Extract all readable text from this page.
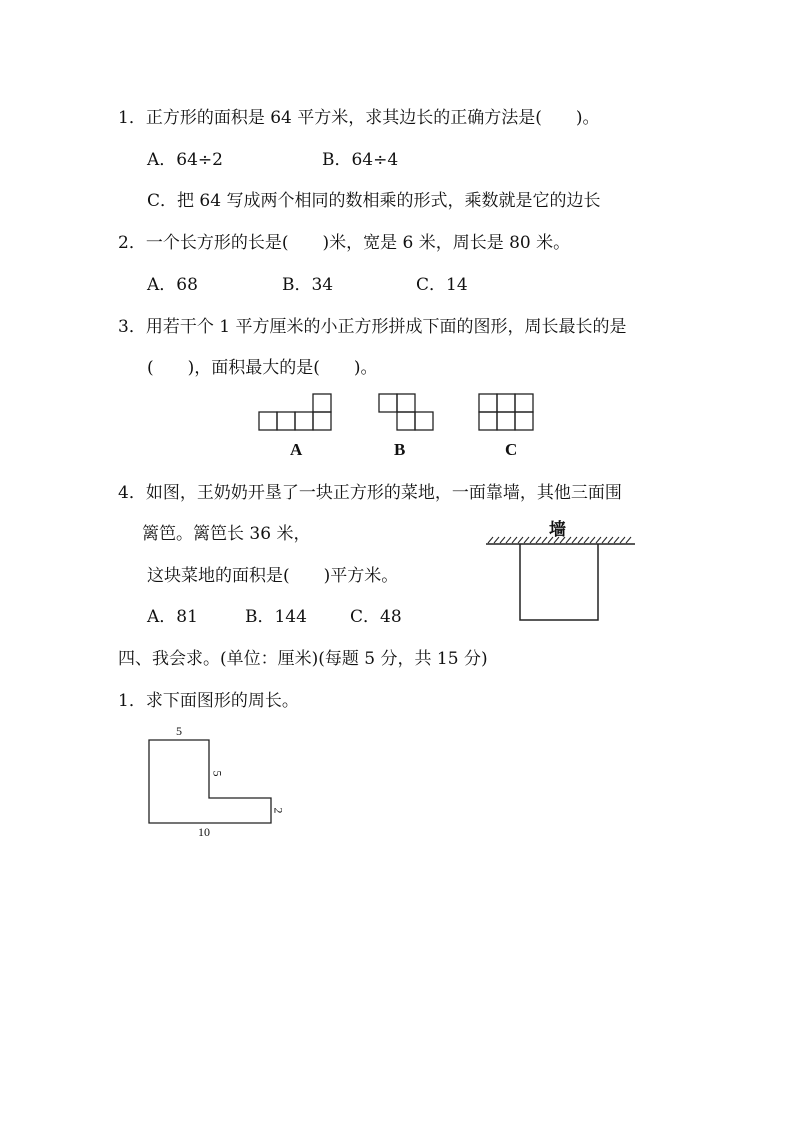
1．正方形的面积是 64 平方米，求其边长的正确方法是(　　)。
A．64÷2	B．64÷4
C．把 64 写成两个相同的数相乘的形式，乘数就是它的边长
2．一个长方形的长是(　　)米，宽是 6 米，周长是 80 米。
A．68	B．34	C．14
3．用若干个 1 平方厘米的小正方形拼成下面的图形，周长最长的是
(　　)，面积最大的是(　　)。
A	B	C
4．如图，王奶奶开垦了一块正方形的菜地，一面靠墙，其他三面围
篱笆。篱笆长 36 米，
这块菜地的面积是(　　)平方米。
墙
A．81	B．144	C．48
四、我会求。(单位：厘米)(每题 5 分，共 15 分)
1．求下面图形的周长。
5
5
2
10
